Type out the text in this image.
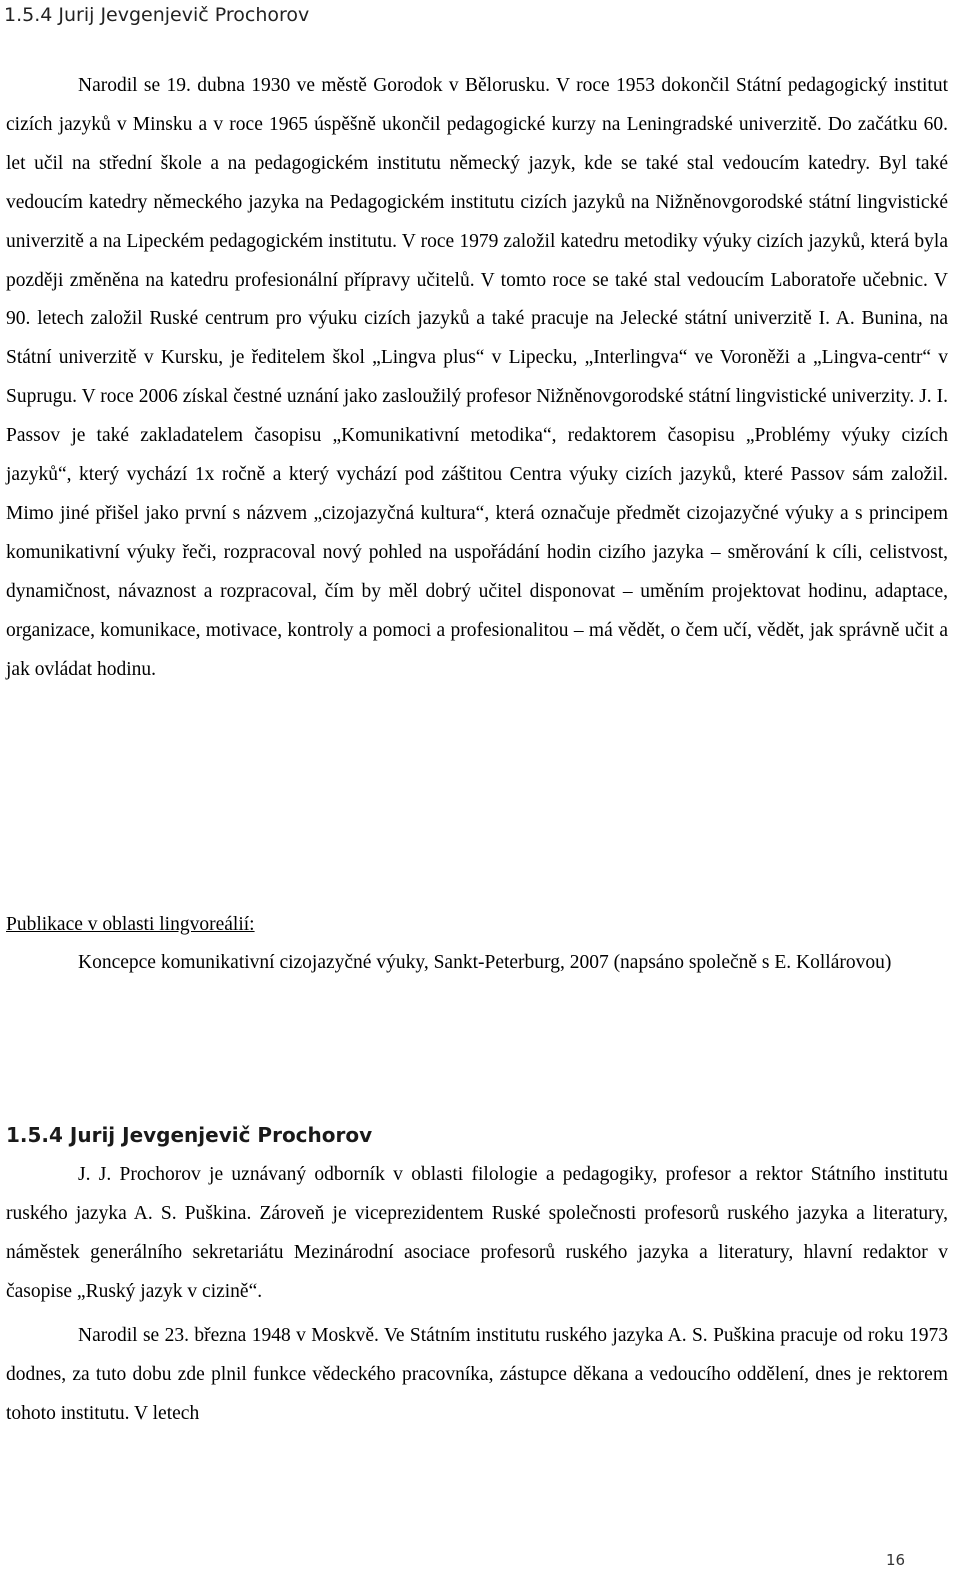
1.5.4 Jurij Jevgenjevič Prochorov

Narodil se 19. dubna 1930 ve městě Gorodok v Bělorusku. V roce 1953 dokončil Státní pedagogický institut cizích jazyků v Minsku a v roce 1965 úspěšně ukončil pedagogické kurzy na Leningradské univerzitě. Do začátku 60. let učil na střední škole a na pedagogickém institutu německý jazyk, kde se také stal vedoucím katedry. Byl také vedoucím katedry německého jazyka na Pedagogickém institutu cizích jazyků na Nižněnovgorodské státní lingvistické univerzitě a na Lipeckém pedagogickém institutu. V roce 1979 založil katedru metodiky výuky cizích jazyků, která byla později změněna na katedru profesionální přípravy učitelů. V tomto roce se také stal vedoucím Laboratoře učebnic. V 90. letech založil Ruské centrum pro výuku cizích jazyků a také pracuje na Jelecké státní univerzitě I. A. Bunina, na Státní univerzitě v Kursku, je ředitelem škol „Lingva plus“ v Lipecku, „Interlingva“ ve Voroněži a „Lingva-centr“ v Suprugu. V roce 2006 získal čestné uznání jako zasloužilý profesor Nižněnovgorodské státní lingvistické univerzity. J. I. Passov je také zakladatelem časopisu „Komunikativní metodika“, redaktorem časopisu „Problémy výuky cizích jazyků“, který vychází 1x ročně a který vychází pod záštitou Centra výuky cizích jazyků, které Passov sám založil. Mimo jiné přišel jako první s názvem „cizojazyčná kultura“, která označuje předmět cizojazyčné výuky a s principem komunikativní výuky řeči, rozpracoval nový pohled na uspořádání hodin cizího jazyka – směrování k cíli, celistvost, dynamičnost, návaznost a rozpracoval, čím by měl dobrý učitel disponovat – uměním projektovat hodinu, adaptace, organizace, komunikace, motivace, kontroly a pomoci a profesionalitou – má vědět, o čem učí, vědět, jak správně učit a jak ovládat hodinu.

Publikace v oblasti lingvoreálií:

Koncepce komunikativní cizojazyčné výuky, Sankt-Peterburg, 2007 (napsáno společně s E. Kollárovou)

1.5.4 Jurij Jevgenjevič Prochorov

J. J. Prochorov je uznávaný odborník v oblasti filologie a pedagogiky, profesor a rektor Státního institutu ruského jazyka A. S. Puškina. Zároveň je viceprezidentem Ruské společnosti profesorů ruského jazyka a literatury, náměstek generálního sekretariátu Mezinárodní asociace profesorů ruského jazyka a literatury, hlavní redaktor v časopise „Ruský jazyk v cizině“.

Narodil se 23. března 1948 v Moskvě. Ve Státním institutu ruského jazyka A. S. Puškina pracuje od roku 1973 dodnes, za tuto dobu zde plnil funkce vědeckého pracovníka, zástupce děkana a vedoucího oddělení, dnes je rektorem tohoto institutu. V letech

16
